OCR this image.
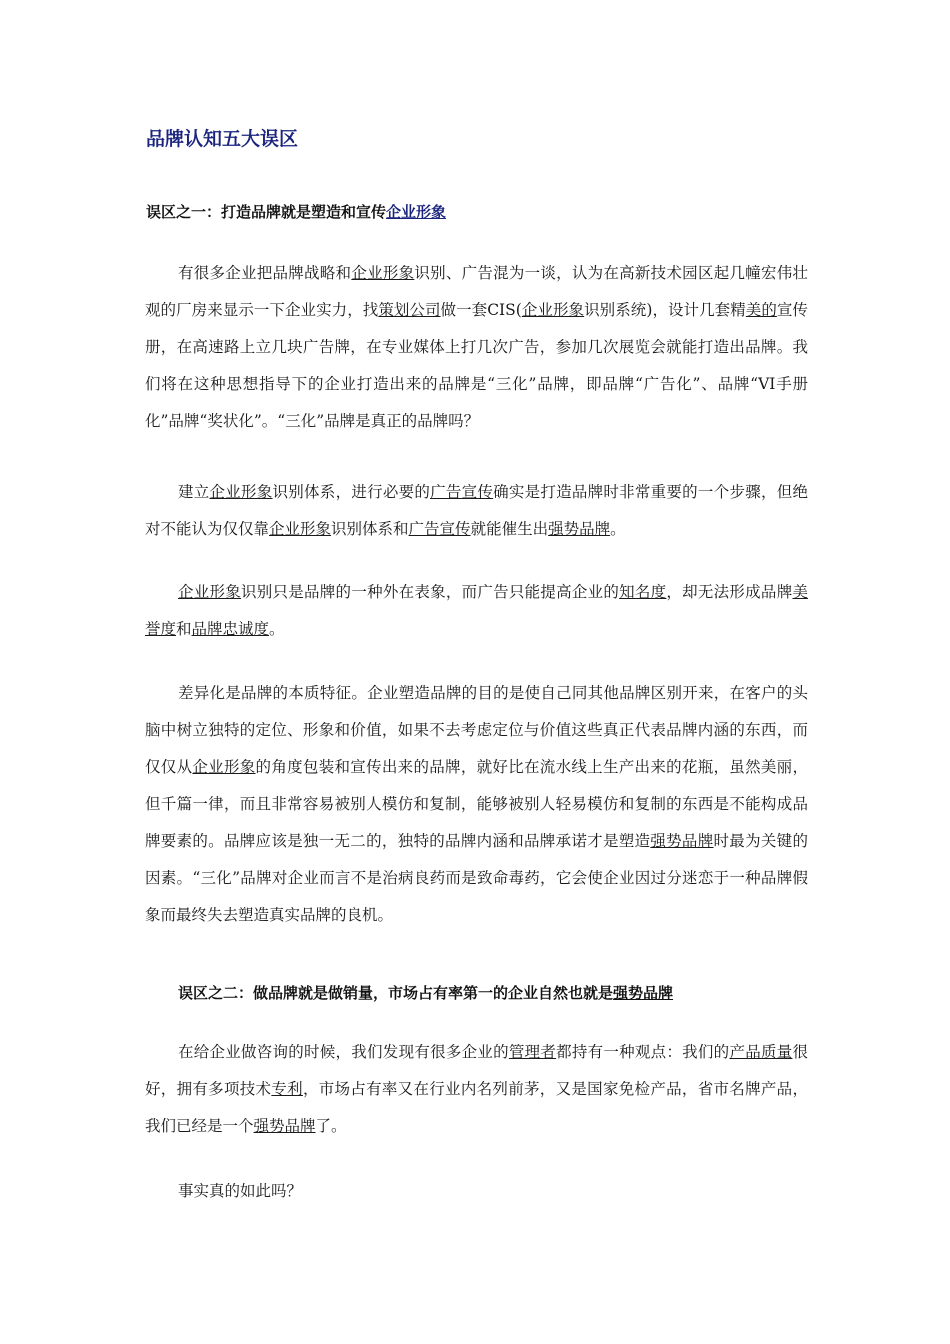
品牌认知五大误区
误区之一：打造品牌就是塑造和宣传企业形象

有很多企业把品牌战略和企业形象识别、广告混为一谈，认为在高新技术园区起几幢宏伟壮观的厂房来显示一下企业实力，找策划公司做一套CIS(企业形象识别系统)，设计几套精美的宣传册，在高速路上立几块广告牌，在专业媒体上打几次广告，参加几次展览会就能打造出品牌。我们将在这种思想指导下的企业打造出来的品牌是“三化”品牌，即品牌“广告化”、品牌“VI手册化”品牌“奖状化”。“三化”品牌是真正的品牌吗？

建立企业形象识别体系，进行必要的广告宣传确实是打造品牌时非常重要的一个步骤，但绝对不能认为仅仅靠企业形象识别体系和广告宣传就能催生出强势品牌。

企业形象识别只是品牌的一种外在表象，而广告只能提高企业的知名度，却无法形成品牌美誉度和品牌忠诚度。

差异化是品牌的本质特征。企业塑造品牌的目的是使自己同其他品牌区别开来，在客户的头脑中树立独特的定位、形象和价值，如果不去考虑定位与价值这些真正代表品牌内涵的东西，而仅仅从企业形象的角度包装和宣传出来的品牌，就好比在流水线上生产出来的花瓶，虽然美丽，但千篇一律，而且非常容易被别人模仿和复制，能够被别人轻易模仿和复制的东西是不能构成品牌要素的。品牌应该是独一无二的，独特的品牌内涵和品牌承诺才是塑造强势品牌时最为关键的因素。“三化”品牌对企业而言不是治病良药而是致命毒药，它会使企业因过分迷恋于一种品牌假象而最终失去塑造真实品牌的良机。

误区之二：做品牌就是做销量，市场占有率第一的企业自然也就是强势品牌

在给企业做咨询的时候，我们发现有很多企业的管理者都持有一种观点：我们的产品质量很好，拥有多项技术专利，市场占有率又在行业内名列前茅，又是国家免检产品，省市名牌产品，我们已经是一个强势品牌了。

事实真的如此吗？
